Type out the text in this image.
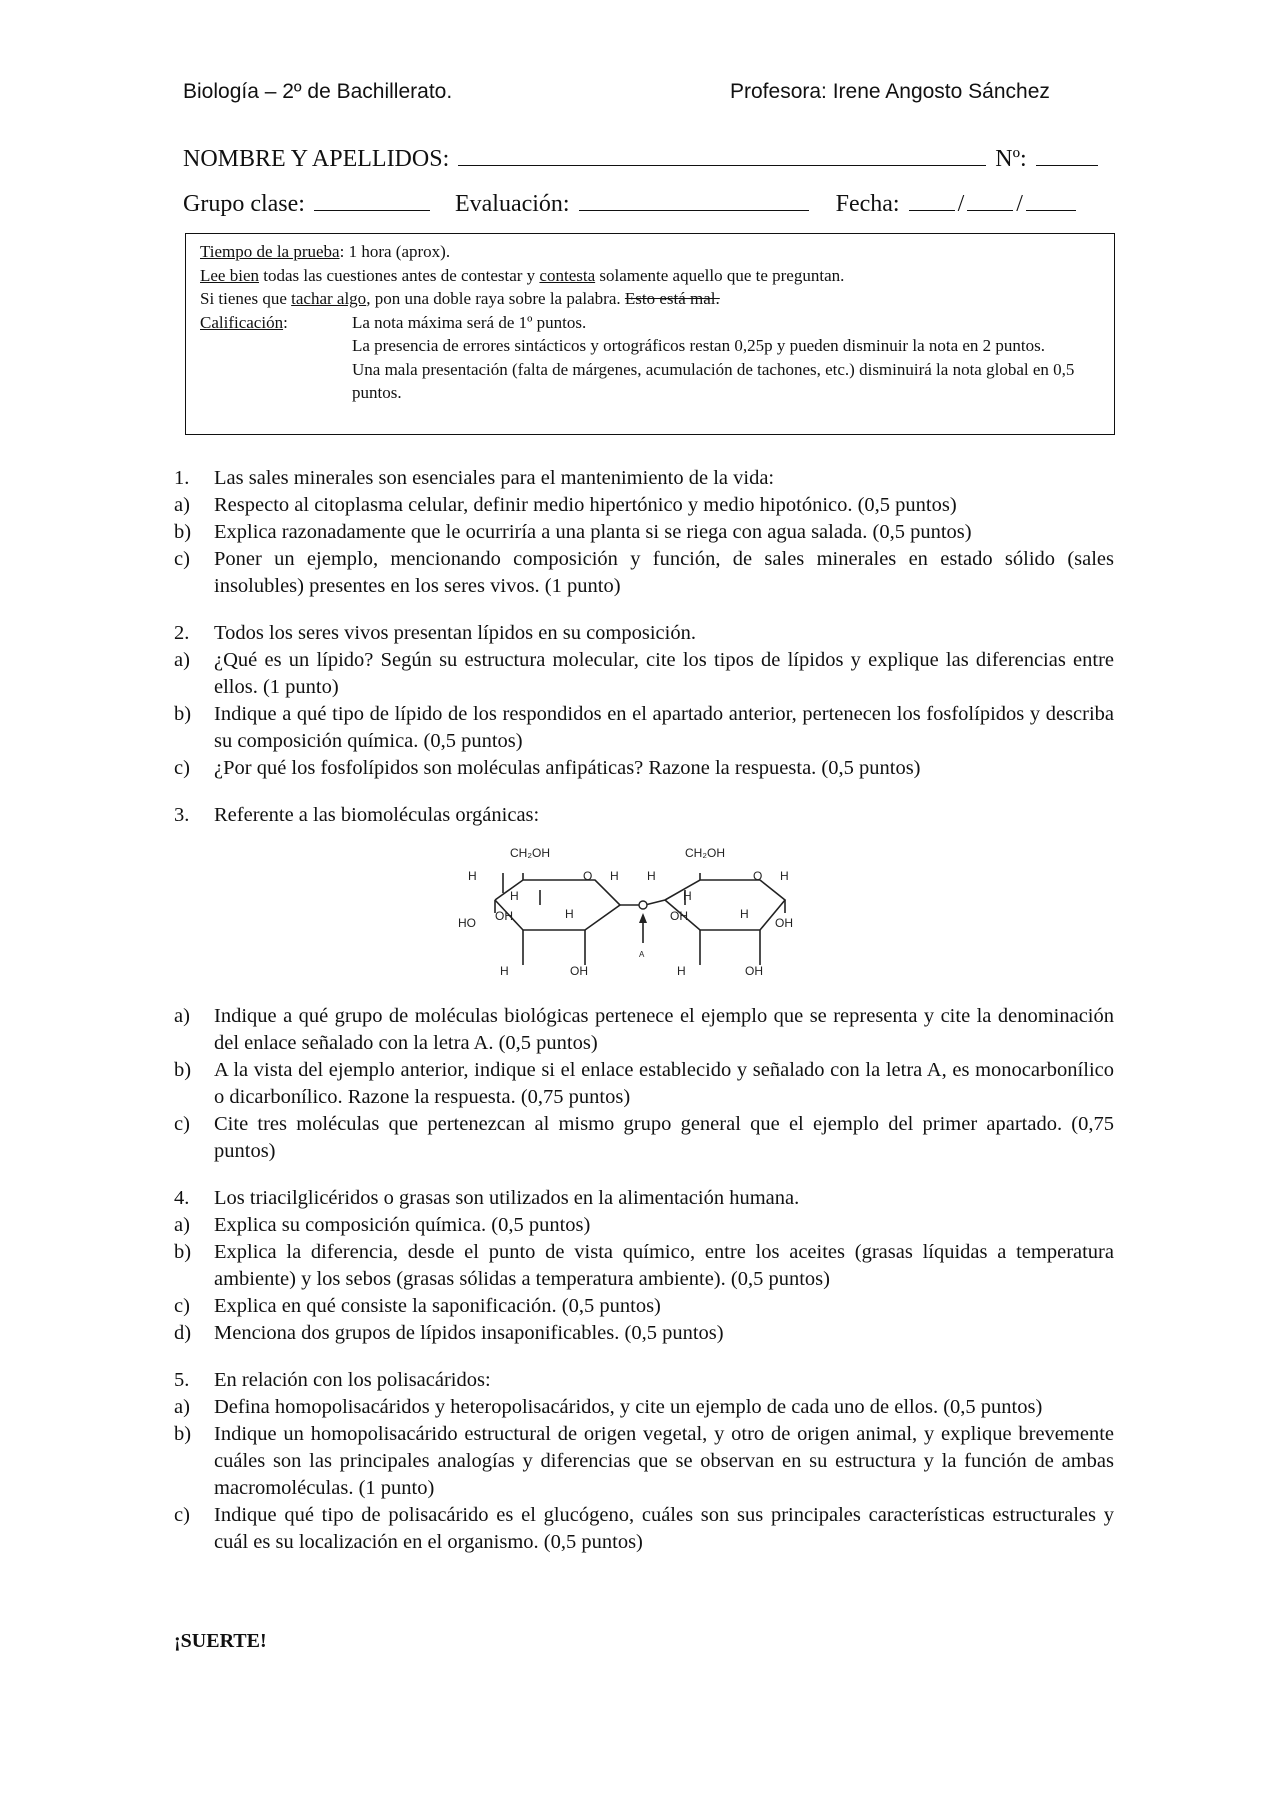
Biología – 2º de Bachillerato.	Profesora: Irene Angosto Sánchez
NOMBRE Y APELLIDOS:	Nº:
Grupo clase:	Evaluación:	Fecha: / /
Tiempo de la prueba: 1 hora (aprox).
Lee bien todas las cuestiones antes de contestar y contesta solamente aquello que te preguntan.
Si tienes que tachar algo, pon una doble raya sobre la palabra. Esto está mal.
Calificación:	La nota máxima será de 1º puntos.
La presencia de errores sintácticos y ortográficos restan 0,25p y pueden disminuir la nota en 2 puntos.
Una mala presentación (falta de márgenes, acumulación de tachones, etc.) disminuirá la nota global en 0,5 puntos.
1.	Las sales minerales son esenciales para el mantenimiento de la vida:
a)	Respecto al citoplasma celular, definir medio hipertónico y medio hipotónico. (0,5 puntos)
b)	Explica razonadamente que le ocurriría a una planta si se riega con agua salada. (0,5 puntos)
c)	Poner un ejemplo, mencionando composición y función, de sales minerales en estado sólido (sales insolubles) presentes en los seres vivos. (1 punto)
2.	Todos los seres vivos presentan lípidos en su composición.
a)	¿Qué es un lípido? Según su estructura molecular, cite los tipos de lípidos y explique las diferencias entre ellos. (1 punto)
b)	Indique a qué tipo de lípido de los respondidos en el apartado anterior, pertenecen los fosfolípidos y describa su composición química. (0,5 puntos)
c)	¿Por qué los fosfolípidos son moléculas anfipáticas? Razone la respuesta. (0,5 puntos)
3.	Referente a las biomoléculas orgánicas:
CH₂OH	CH₂OH
H	O H H	O H
H	H
OH	H	OH	H
HO	OH
A
H	OH	H	OH
a)	Indique a qué grupo de moléculas biológicas pertenece el ejemplo que se representa y cite la denominación del enlace señalado con la letra A. (0,5 puntos)
b)	A la vista del ejemplo anterior, indique si el enlace establecido y señalado con la letra A, es monocarbonílico o dicarbonílico. Razone la respuesta. (0,75 puntos)
c)	Cite tres moléculas que pertenezcan al mismo grupo general que el ejemplo del primer apartado. (0,75 puntos)
4.	Los triacilglicéridos o grasas son utilizados en la alimentación humana.
a)	Explica su composición química. (0,5 puntos)
b)	Explica la diferencia, desde el punto de vista químico, entre los aceites (grasas líquidas a temperatura ambiente) y los sebos (grasas sólidas a temperatura ambiente). (0,5 puntos)
c)	Explica en qué consiste la saponificación. (0,5 puntos)
d)	Menciona dos grupos de lípidos insaponificables. (0,5 puntos)
5.	En relación con los polisacáridos:
a)	Defina homopolisacáridos y heteropolisacáridos, y cite un ejemplo de cada uno de ellos. (0,5 puntos)
b)	Indique un homopolisacárido estructural de origen vegetal, y otro de origen animal, y explique brevemente cuáles son las principales analogías y diferencias que se observan en su estructura y la función de ambas macromoléculas. (1 punto)
c)	Indique qué tipo de polisacárido es el glucógeno, cuáles son sus principales características estructurales y cuál es su localización en el organismo. (0,5 puntos)
¡SUERTE!
